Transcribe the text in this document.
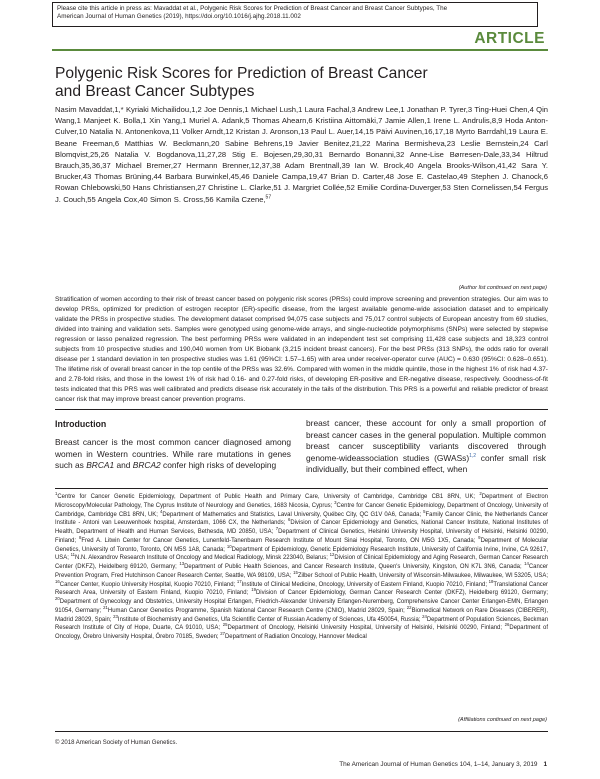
Please cite this article in press as: Mavaddat et al., Polygenic Risk Scores for Prediction of Breast Cancer and Breast Cancer Subtypes, The
American Journal of Human Genetics (2019), https://doi.org/10.1016/j.ajhg.2018.11.002
ARTICLE
Polygenic Risk Scores for Prediction of Breast Cancer
and Breast Cancer Subtypes
Nasim Mavaddat,1,* Kyriaki Michailidou,1,2 Joe Dennis,1 Michael Lush,1 Laura Fachal,3 Andrew Lee,1 Jonathan P. Tyrer,3 Ting-Huei Chen,4 Qin Wang,1 Manjeet K. Bolla,1 Xin Yang,1 Muriel A. Adank,5 Thomas Ahearn,6 Kristiina Aittomäki,7 Jamie Allen,1 Irene L. Andrulis,8,9 Hoda Anton-Culver,10 Natalia N. Antonenkova,11 Volker Arndt,12 Kristan J. Aronson,13 Paul L. Auer,14,15 Päivi Auvinen,16,17,18 Myrto Barrdahl,19 Laura E. Beane Freeman,6 Matthias W. Beckmann,20 Sabine Behrens,19 Javier Benitez,21,22 Marina Bermisheva,23 Leslie Bernstein,24 Carl Blomqvist,25,26 Natalia V. Bogdanova,11,27,28 Stig E. Bojesen,29,30,31 Bernardo Bonanni,32 Anne-Lise Børresen-Dale,33,34 Hiltrud Brauch,35,36,37 Michael Bremer,27 Hermann Brenner,12,37,38 Adam Brentnall,39 Ian W. Brock,40 Angela Brooks-Wilson,41,42 Sara Y. Brucker,43 Thomas Brüning,44 Barbara Burwinkel,45,46 Daniele Campa,19,47 Brian D. Carter,48 Jose E. Castelao,49 Stephen J. Chanock,6 Rowan Chlebowski,50 Hans Christiansen,27 Christine L. Clarke,51 J. Margriet Collée,52 Emilie Cordina-Duverger,53 Sten Cornelissen,54 Fergus J. Couch,55 Angela Cox,40 Simon S. Cross,56 Kamila Czene,$^{57}$
(Author list continued on next page)
Stratification of women according to their risk of breast cancer based on polygenic risk scores (PRSs) could improve screening and prevention strategies. Our aim was to develop PRSs, optimized for prediction of estrogen receptor (ER)-specific disease, from the largest available genome-wide association dataset and to empirically validate the PRSs in prospective studies. The development dataset comprised 94,075 case subjects and 75,017 control subjects of European ancestry from 69 studies, divided into training and validation sets. Samples were genotyped using genome-wide arrays, and single-nucleotide polymorphisms (SNPs) were selected by stepwise regression or lasso penalized regression. The best performing PRSs were validated in an independent test set comprising 11,428 case subjects and 18,323 control subjects from 10 prospective studies and 190,040 women from UK Biobank (3,215 incident breast cancers). For the best PRSs (313 SNPs), the odds ratio for overall disease per 1 standard deviation in ten prospective studies was 1.61 (95%CI: 1.57–1.65) with area under receiver-operator curve (AUC) = 0.630 (95%CI: 0.628–0.651). The lifetime risk of overall breast cancer in the top centile of the PRSs was 32.6%. Compared with women in the middle quintile, those in the highest 1% of risk had 4.37- and 2.78-fold risks, and those in the lowest 1% of risk had 0.16- and 0.27-fold risks, of developing ER-positive and ER-negative disease, respectively. Goodness-of-fit tests indicated that this PRS was well calibrated and predicts disease risk accurately in the tails of the distribution. This PRS is a powerful and reliable predictor of breast cancer risk that may improve breast cancer prevention programs.
Introduction
Breast cancer is the most common cancer diagnosed among women in Western countries. While rare mutations in genes such as BRCA1 and BRCA2 confer high risks of developing
breast cancer, these account for only a small proportion of breast cancer cases in the general population. Multiple common breast cancer susceptibility variants discovered through genome-wideassociation studies (GWASs)$^{1,2}$ confer small risk individually, but their combined effect, when
$^1$Centre for Cancer Genetic Epidemiology, Department of Public Health and Primary Care, University of Cambridge, Cambridge CB1 8RN, UK; $^2$Department of Electron Microscopy/Molecular Pathology, The Cyprus Institute of Neurology and Genetics, 1683 Nicosia, Cyprus; $^3$Centre for Cancer Genetic Epidemiology, Department of Oncology, University of Cambridge, Cambridge CB1 8RN, UK; $^4$Department of Mathematics and Statistics, Laval University, Québec City, QC G1V 0A6, Canada; $^5$Family Cancer Clinic, the Netherlands Cancer Institute - Antoni van Leeuwenhoek hospital, Amsterdam, 1066 CX, the Netherlands; $^6$Division of Cancer Epidemiology and Genetics, National Cancer Institute, National Institutes of Health, Department of Health and Human Services, Bethesda, MD 20850, USA; $^7$Department of Clinical Genetics, Helsinki University Hospital, University of Helsinki, Helsinki 00290, Finland; $^8$Fred A. Litwin Center for Cancer Genetics, Lunenfeld-Tanenbaum Research Institute of Mount Sinai Hospital, Toronto, ON M5G 1X5, Canada; $^9$Department of Molecular Genetics, University of Toronto, Toronto, ON M5S 1A8, Canada; $^{10}$Department of Epidemiology, Genetic Epidemiology Research Institute, University of California Irvine, Irvine, CA 92617, USA; $^{11}$N.N. Alexandrov Research Institute of Oncology and Medical Radiology, Minsk 223040, Belarus; $^{12}$Division of Clinical Epidemiology and Aging Research, German Cancer Research Center (DKFZ), Heidelberg 69120, Germany; $^{13}$Department of Public Health Sciences, and Cancer Research Institute, Queen's University, Kingston, ON K7L 3N6, Canada; $^{14}$Cancer Prevention Program, Fred Hutchinson Cancer Research Center, Seattle, WA 98109, USA; $^{15}$Zilber School of Public Health, University of Wisconsin-Milwaukee, Milwaukee, WI 53205, USA; $^{16}$Cancer Center, Kuopio University Hospital, Kuopio 70210, Finland; $^{17}$Institute of Clinical Medicine, Oncology, University of Eastern Finland, Kuopio 70210, Finland; $^{18}$Translational Cancer Research Area, University of Eastern Finland, Kuopio 70210, Finland; $^{19}$Division of Cancer Epidemiology, German Cancer Research Center (DKFZ), Heidelberg 69120, Germany; $^{20}$Department of Gynecology and Obstetrics, University Hospital Erlangen, Friedrich-Alexander University Erlangen-Nuremberg, Comprehensive Cancer Center Erlangen-EMN, Erlangen 91054, Germany; $^{21}$Human Cancer Genetics Programme, Spanish National Cancer Research Centre (CNIO), Madrid 28029, Spain; $^{22}$Biomedical Network on Rare Diseases (CIBERER), Madrid 28029, Spain; $^{23}$Institute of Biochemistry and Genetics, Ufa Scientific Center of Russian Academy of Sciences, Ufa 450054, Russia; $^{24}$Department of Population Sciences, Beckman Research Institute of City of Hope, Duarte, CA 91010, USA; $^{25}$Department of Oncology, Helsinki University Hospital, University of Helsinki, Helsinki 00290, Finland; $^{26}$Department of Oncology, Örebro University Hospital, Örebro 70185, Sweden; $^{27}$Department of Radiation Oncology, Hannover Medical
(Affiliations continued on next page)
© 2018 American Society of Human Genetics.
The American Journal of Human Genetics 104, 1–14, January 3, 2019 1
